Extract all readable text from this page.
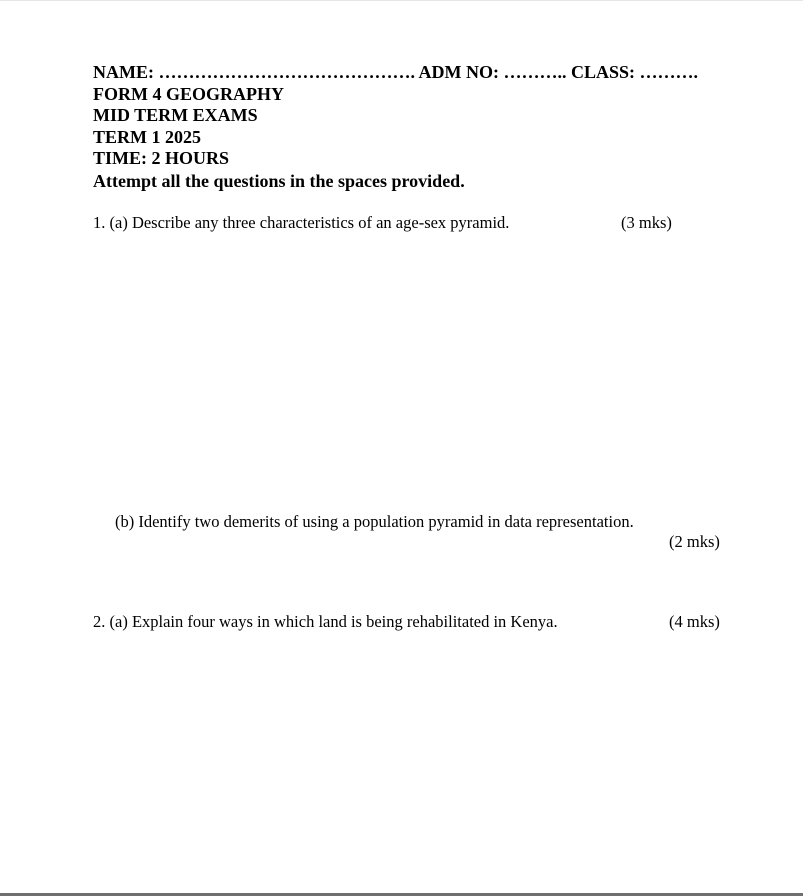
NAME: ……………………………………. ADM NO: ……….. CLASS: ……….
FORM 4 GEOGRAPHY
MID TERM EXAMS
TERM 1 2025
TIME: 2 HOURS
Attempt all the questions in the spaces provided.
1. (a) Describe any three characteristics of an age-sex pyramid.	(3 mks)
(b) Identify two demerits of using a population pyramid in data representation.
(2 mks)
2. (a) Explain four ways in which land is being rehabilitated in Kenya.	(4 mks)
